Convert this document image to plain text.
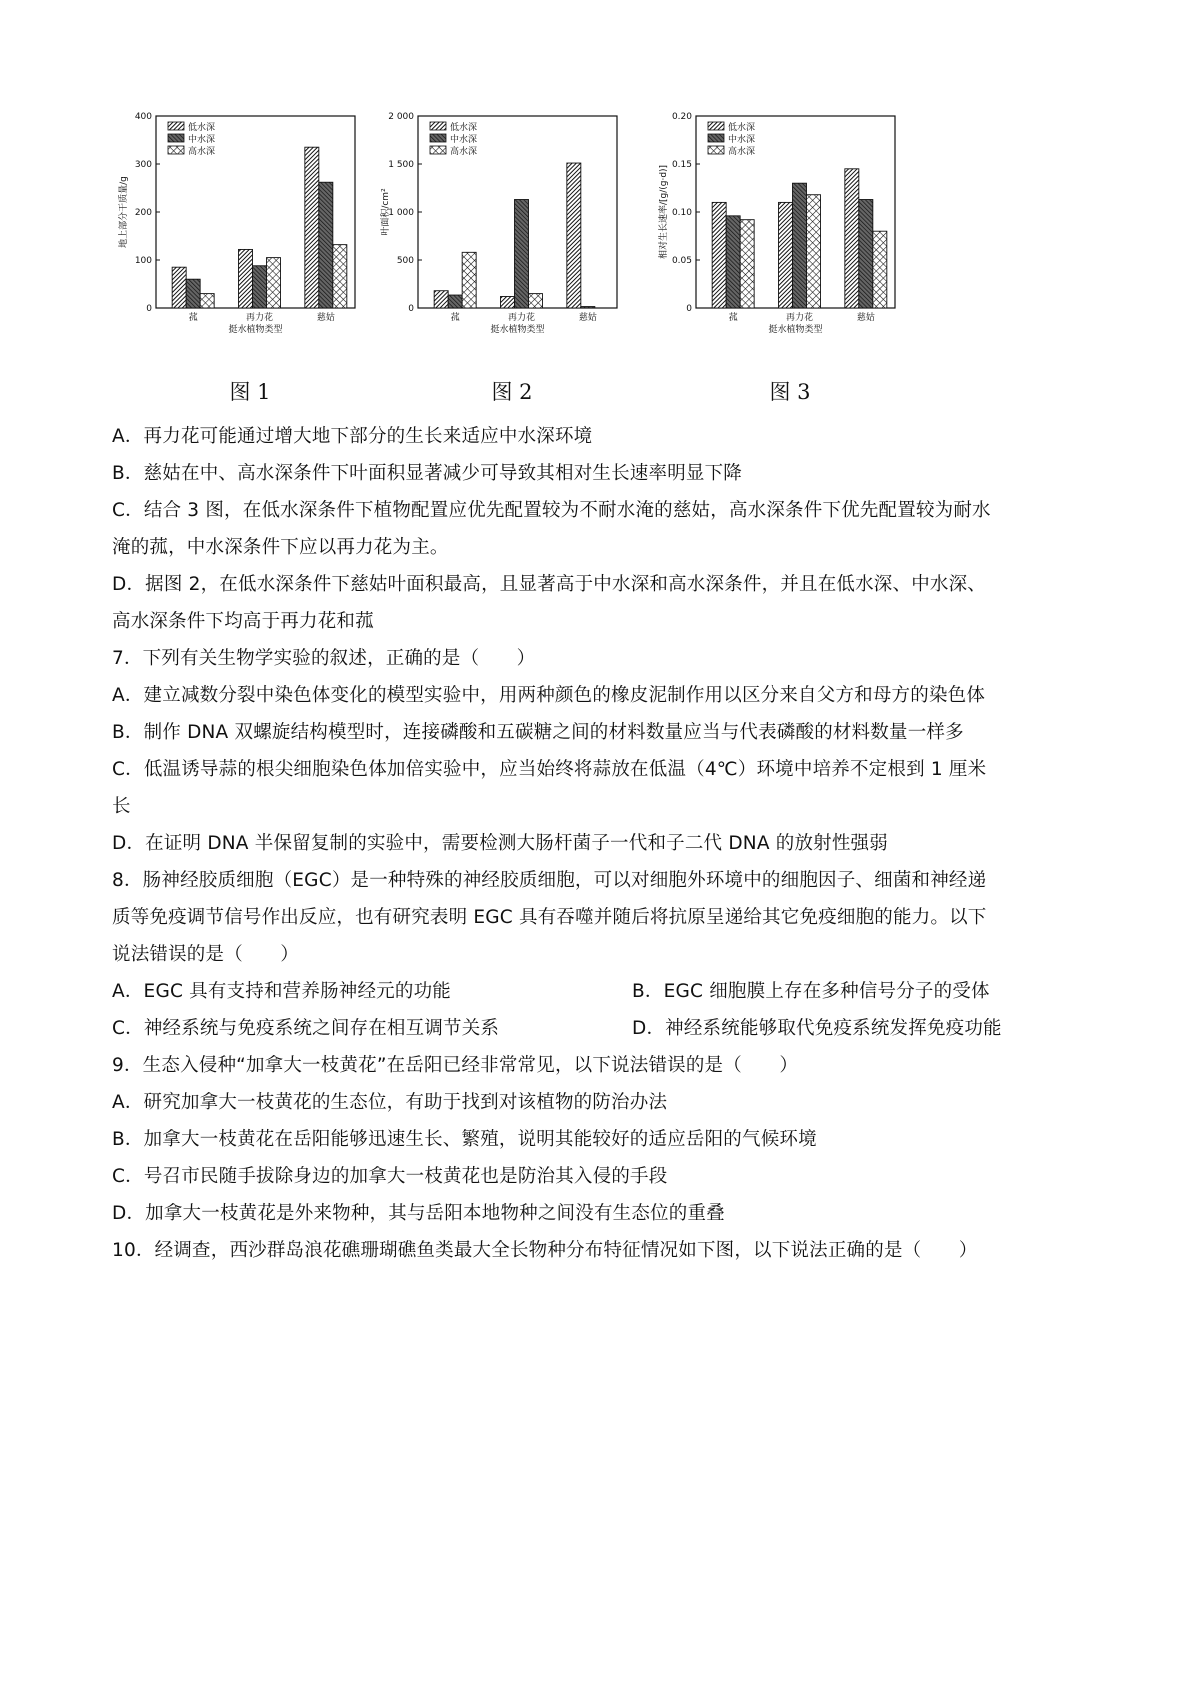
0
100
200
300
400
地上部分干质量/g
菰	再力花	慈姑
挺水植物类型
低水深
中水深
高水深
图 1
0
500
1 000
1 500
2 000
叶面积/cm²
菰	再力花	慈姑
挺水植物类型
低水深
中水深
高水深
图 2
0
0.05
0.10
0.15
0.20
相对生长速率/[g/(g·d)]
菰	再力花	慈姑
挺水植物类型
低水深
中水深
高水深
图 3
A．再力花可能通过增大地下部分的生长来适应中水深环境
B．慈姑在中、高水深条件下叶面积显著减少可导致其相对生长速率明显下降
C．结合 3 图，在低水深条件下植物配置应优先配置较为不耐水淹的慈姑，高水深条件下优先配置较为耐水
淹的菰，中水深条件下应以再力花为主。
D．据图 2，在低水深条件下慈姑叶面积最高，且显著高于中水深和高水深条件，并且在低水深、中水深、
高水深条件下均高于再力花和菰
7．下列有关生物学实验的叙述，正确的是（　　）
A．建立减数分裂中染色体变化的模型实验中，用两种颜色的橡皮泥制作用以区分来自父方和母方的染色体
B．制作 DNA 双螺旋结构模型时，连接磷酸和五碳糖之间的材料数量应当与代表磷酸的材料数量一样多
C．低温诱导蒜的根尖细胞染色体加倍实验中，应当始终将蒜放在低温（4℃）环境中培养不定根到 1 厘米
长
D．在证明 DNA 半保留复制的实验中，需要检测大肠杆菌子一代和子二代 DNA 的放射性强弱
8．肠神经胶质细胞（EGC）是一种特殊的神经胶质细胞，可以对细胞外环境中的细胞因子、细菌和神经递
质等免疫调节信号作出反应，也有研究表明 EGC 具有吞噬并随后将抗原呈递给其它免疫细胞的能力。以下
说法错误的是（　　）
A．EGC 具有支持和营养肠神经元的功能	B．EGC 细胞膜上存在多种信号分子的受体
C．神经系统与免疫系统之间存在相互调节关系	D．神经系统能够取代免疫系统发挥免疫功能
9．生态入侵种“加拿大一枝黄花”在岳阳已经非常常见，以下说法错误的是（　　）
A．研究加拿大一枝黄花的生态位，有助于找到对该植物的防治办法
B．加拿大一枝黄花在岳阳能够迅速生长、繁殖，说明其能较好的适应岳阳的气候环境
C．号召市民随手拔除身边的加拿大一枝黄花也是防治其入侵的手段
D．加拿大一枝黄花是外来物种，其与岳阳本地物种之间没有生态位的重叠
10．经调查，西沙群岛浪花礁珊瑚礁鱼类最大全长物种分布特征情况如下图，以下说法正确的是（　　）
